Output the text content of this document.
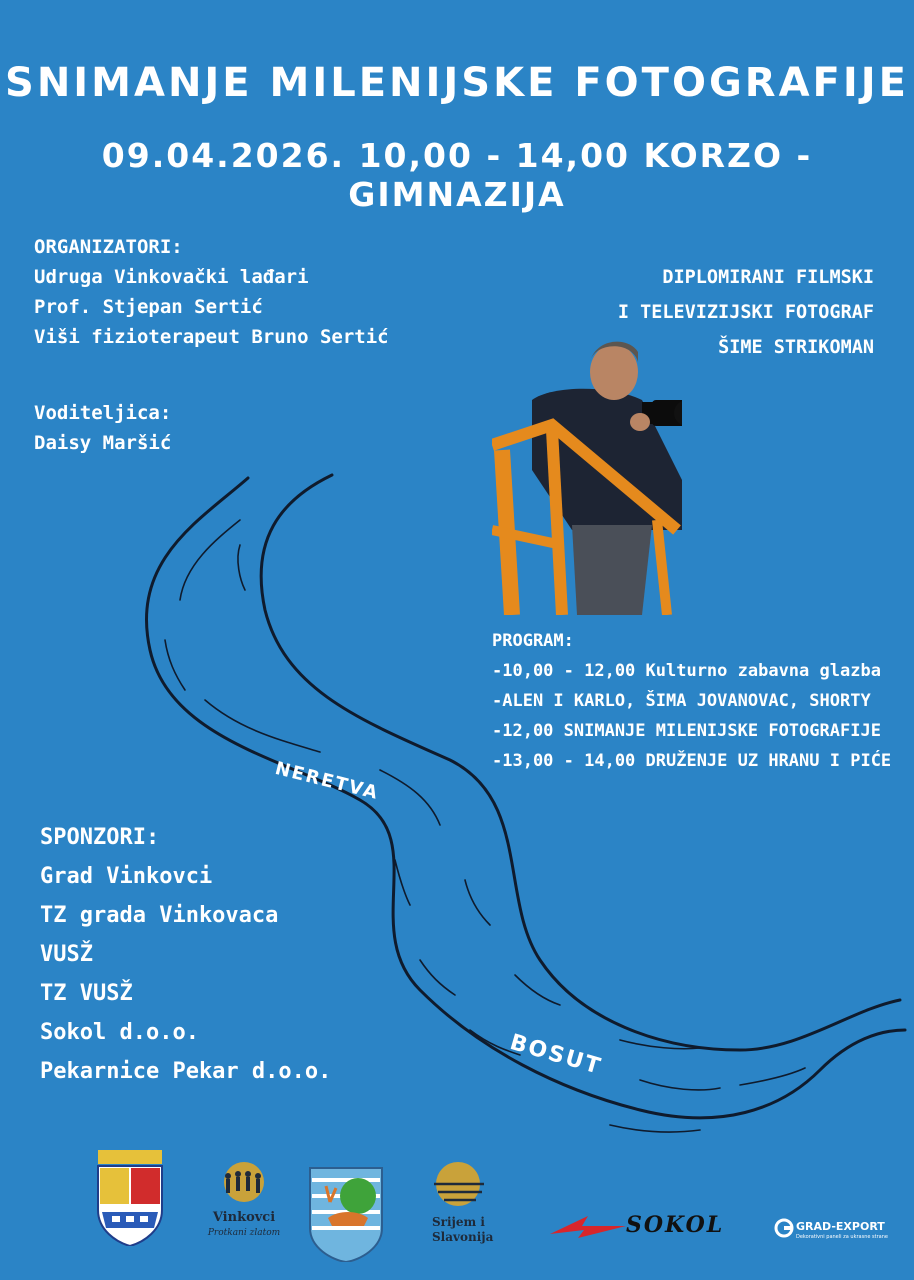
SNIMANJE MILENIJSKE FOTOGRAFIJE
09.04.2026. 10,00 - 14,00 KORZO - GIMNAZIJA
ORGANIZATORI:
Udruga Vinkovački lađari
Prof. Stjepan Sertić
Viši fizioterapeut Bruno Sertić
Voditeljica:
Daisy Maršić
DIPLOMIRANI FILMSKI
I TELEVIZIJSKI FOTOGRAF
ŠIME STRIKOMAN
NERETVA
BOSUT
PROGRAM:
-10,00 - 12,00 Kulturno zabavna glazba
-ALEN I KARLO, ŠIMA JOVANOVAC, SHORTY
-12,00 SNIMANJE MILENIJSKE FOTOGRAFIJE
-13,00 - 14,00 DRUŽENJE UZ HRANU I PIĆE
SPONZORI:
Grad Vinkovci
TZ grada Vinkovaca
VUSŽ
TZ VUSŽ
Sokol d.o.o.
Pekarnice Pekar d.o.o.
Vinkovci
Protkani zlatom
Srijem i
Slavonija	SOKOL	GRAD-EXPORT
Dekorativni paneli za ukrasne strane
